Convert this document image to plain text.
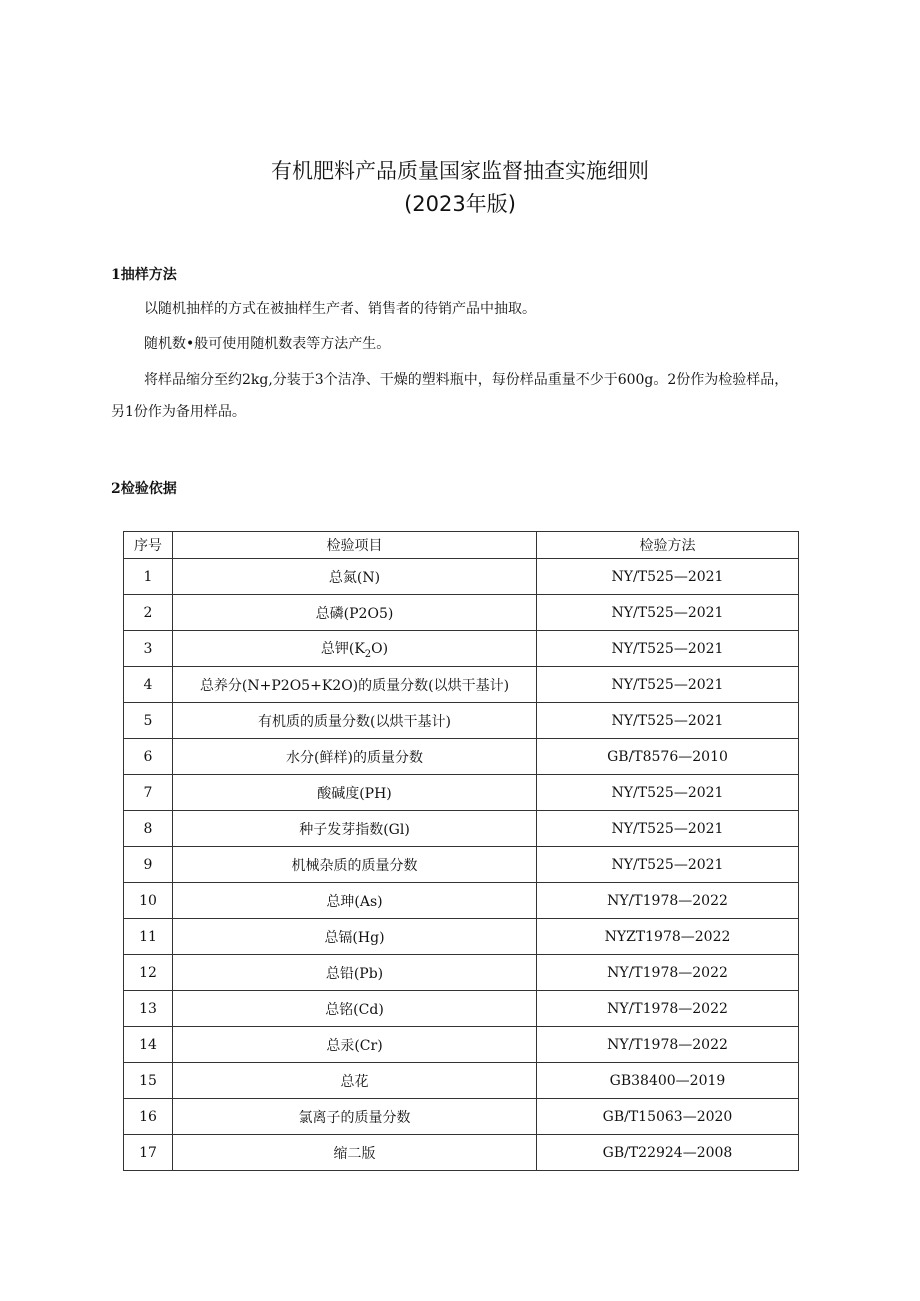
有机肥料产品质量国家监督抽查实施细则
(2023年版)
1抽样方法

以随机抽样的方式在被抽样生产者、销售者的待销产品中抽取。

随机数•般可使用随机数表等方法产生。

将样品缩分至约2kg,分装于3个洁净、干燥的塑料瓶中，每份样品重量不少于600g。2份作为检验样品，另1份作为备用样品。

2检验依据
序号	检验项目	检验方法
1	总氮(N)	NY/T525—2021
2	总磷(P2O5)	NY/T525—2021
3	总钾$(K_2O)$	NY/T525—2021
4	总养分(N+P2O5+K2O)的质量分数(以烘干基计)	NY/T525—2021
5	有机质的质量分数(以烘干基计)	NY/T525—2021
6	水分(鲜样)的质量分数	GB/T8576—2010
7	酸碱度(PH)	NY/T525—2021
8	种子发芽指数(Gl)	NY/T525—2021
9	机械杂质的质量分数	NY/T525—2021
10	总珅(As)	NY/T1978—2022
11	总镉(Hg)	NYZT1978—2022
12	总铅(Pb)	NY/T1978—2022
13	总铭(Cd)	NY/T1978—2022
14	总汞(Cr)	NY/T1978—2022
15	总花	GB38400—2019
16	氯离子的质量分数	GB/T15063—2020
17	缩二版	GB/T22924—2008
